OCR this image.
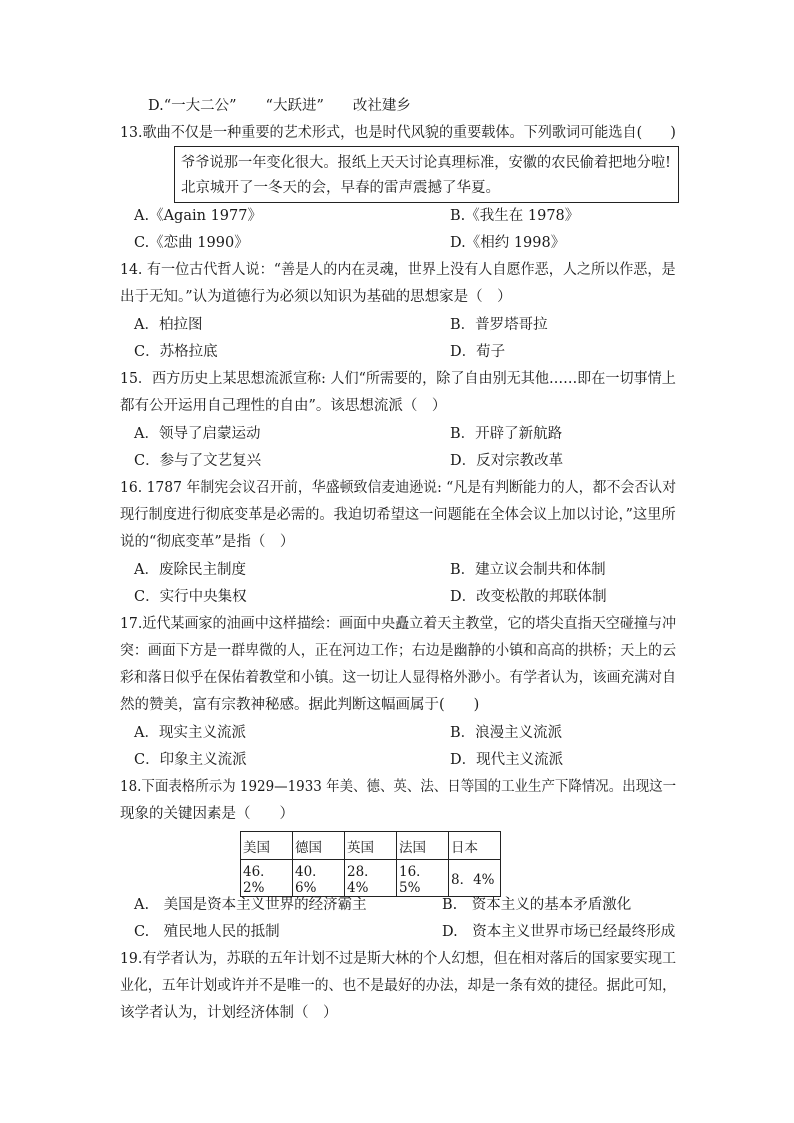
D.“一大二公”　　“大跃进”　　改社建乡
13.歌曲不仅是一种重要的艺术形式，也是时代风貌的重要载体。下列歌词可能选自(　　)
爷爷说那一年变化很大。报纸上天天讨论真理标准，安徽的农民偷着把地分啦!
北京城开了一冬天的会，早春的雷声震撼了华夏。
A.《Again 1977》	B.《我生在 1978》
C.《恋曲 1990》	D.《相约 1998》
14. 有一位古代哲人说：“善是人的内在灵魂，世界上没有人自愿作恶，人之所以作恶，是
出于无知。”认为道德行为必须以知识为基础的思想家是（　）
A．柏拉图	B．普罗塔哥拉
C．苏格拉底	D．荀子
15．西方历史上某思想流派宣称: 人们“所需要的，除了自由别无其他……即在一切事情上
都有公开运用自己理性的自由”。该思想流派（　）
A．领导了启蒙运动	B．开辟了新航路
C．参与了文艺复兴	D．反对宗教改革
16. 1787 年制宪会议召开前，华盛顿致信麦迪逊说: “凡是有判断能力的人，都不会否认对
现行制度进行彻底变革是必需的。我迫切希望这一问题能在全体会议上加以讨论，”这里所
说的“彻底变革”是指（　）
A．废除民主制度	B．建立议会制共和体制
C．实行中央集权	D．改变松散的邦联体制
17.近代某画家的油画中这样描绘：画面中央矗立着天主教堂，它的塔尖直指天空碰撞与冲
突：画面下方是一群卑微的人，正在河边工作；右边是幽静的小镇和高高的拱桥；天上的云
彩和落日似乎在保佑着教堂和小镇。这一切让人显得格外渺小。有学者认为，该画充满对自
然的赞美，富有宗教神秘感。据此判断这幅画属于(　　)
A．现实主义流派	B．浪漫主义流派
C．印象主义流派	D．现代主义流派
18.下面表格所示为 1929—1933 年美、德、英、法、日等国的工业生产下降情况。出现这一
现象的关键因素是（　　）
美国	德国	英国	法国	日本
46．2%	40．6%	28．4%	16．5%	8．4%
A.　美国是资本主义世界的经济霸主	B.　资本主义的基本矛盾激化
C.　殖民地人民的抵制	D.　资本主义世界市场已经最终形成
19.有学者认为，苏联的五年计划不过是斯大林的个人幻想，但在相对落后的国家要实现工
业化，五年计划或许并不是唯一的、也不是最好的办法，却是一条有效的捷径。据此可知，
该学者认为，计划经济体制（　）
